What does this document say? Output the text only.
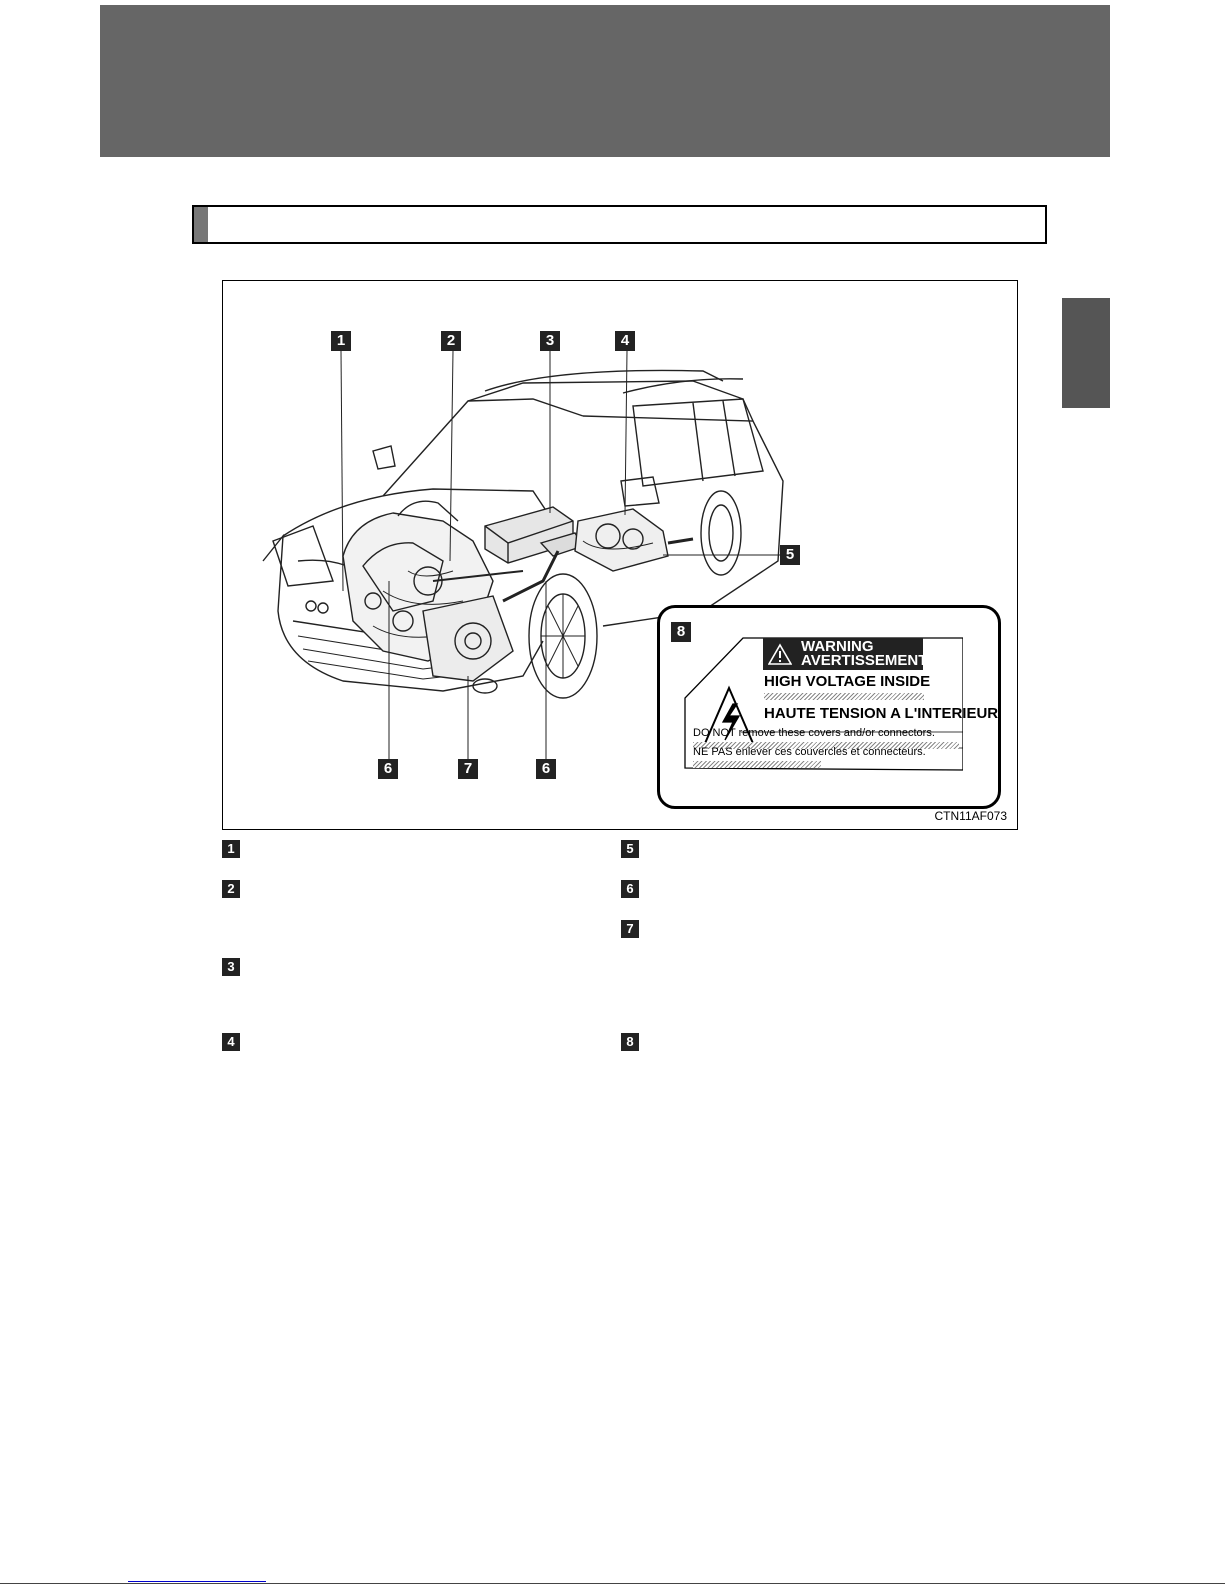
1	2	3	4
5
6	7	6
8
WARNING
AVERTISSEMENT
HIGH VOLTAGE INSIDE
HAUTE TENSION A L'INTERIEUR
DO NOT remove these covers and/or connectors.
NE PAS enlever ces couvercles et connecteurs.
CTN11AF073
1
2
3
4
5
6
7
8
